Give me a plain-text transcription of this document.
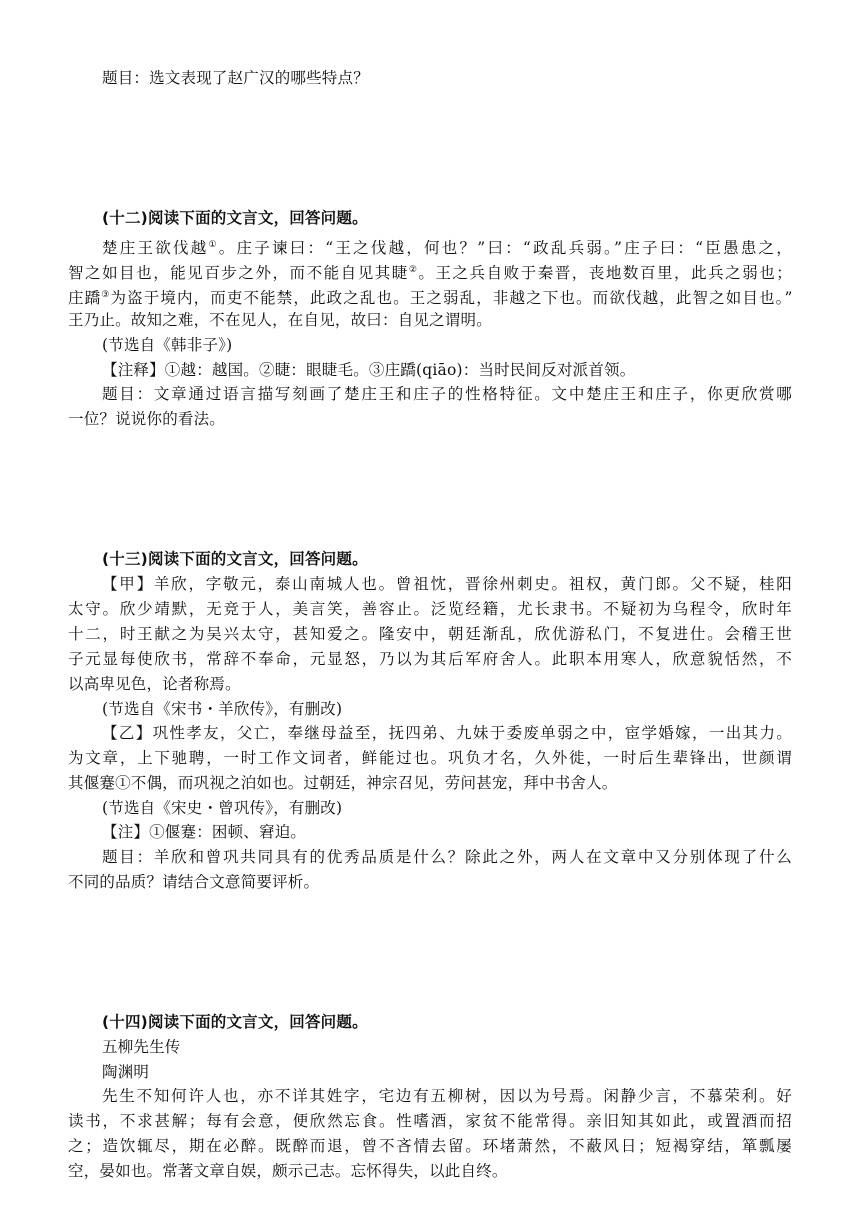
题目：选文表现了赵广汉的哪些特点？
(十二)阅读下面的文言文，回答问题。
楚庄王欲伐越①。庄子谏曰：“王之伐越，何也？”曰：“政乱兵弱。”庄子曰：“臣愚患之，
智之如目也，能见百步之外，而不能自见其睫②。王之兵自败于秦晋，丧地数百里，此兵之弱也；
庄蹻③为盗于境内，而吏不能禁，此政之乱也。王之弱乱，非越之下也。而欲伐越，此智之如目也。”
王乃止。故知之难，不在见人，在自见，故曰：自见之谓明。
(节选自《韩非子》)
【注释】①越：越国。②睫：眼睫毛。③庄蹻(qiāo)：当时民间反对派首领。
题目：文章通过语言描写刻画了楚庄王和庄子的性格特征。文中楚庄王和庄子，你更欣赏哪
一位？说说你的看法。
(十三)阅读下面的文言文，回答问题。
【甲】羊欣，字敬元，泰山南城人也。曾祖忱，晋徐州刺史。祖权，黄门郎。父不疑，桂阳
太守。欣少靖默，无竞于人，美言笑，善容止。泛览经籍，尤长隶书。不疑初为乌程令，欣时年
十二，时王献之为吴兴太守，甚知爱之。隆安中，朝廷渐乱，欣优游私门，不复进仕。会稽王世
子元显每使欣书，常辞不奉命，元显怒，乃以为其后军府舍人。此职本用寒人，欣意貌恬然，不
以高卑见色，论者称焉。
(节选自《宋书・羊欣传》，有删改)
【乙】巩性孝友，父亡，奉继母益至，抚四弟、九妹于委废单弱之中，宦学婚嫁，一出其力。
为文章，上下驰聘，一时工作文词者，鲜能过也。巩负才名，久外徙，一时后生辈锋出，世颜谓
其偃蹇①不偶，而巩视之泊如也。过朝廷，神宗召见，劳问甚宠，拜中书舍人。
(节选自《宋史・曾巩传》，有删改)
【注】①偃蹇：困顿、窘迫。
题目：羊欣和曾巩共同具有的优秀品质是什么？除此之外，两人在文章中又分别体现了什么
不同的品质？请结合文意简要评析。
(十四)阅读下面的文言文，回答问题。
五柳先生传
陶渊明
先生不知何许人也，亦不详其姓字，宅边有五柳树，因以为号焉。闲静少言，不慕荣利。好
读书，不求甚解；每有会意，便欣然忘食。性嗜酒，家贫不能常得。亲旧知其如此，或置酒而招
之；造饮辄尽，期在必醉。既醉而退，曾不吝情去留。环堵萧然，不蔽风日；短褐穿结，箪瓢屡
空，晏如也。常著文章自娱，颇示己志。忘怀得失，以此自终。
